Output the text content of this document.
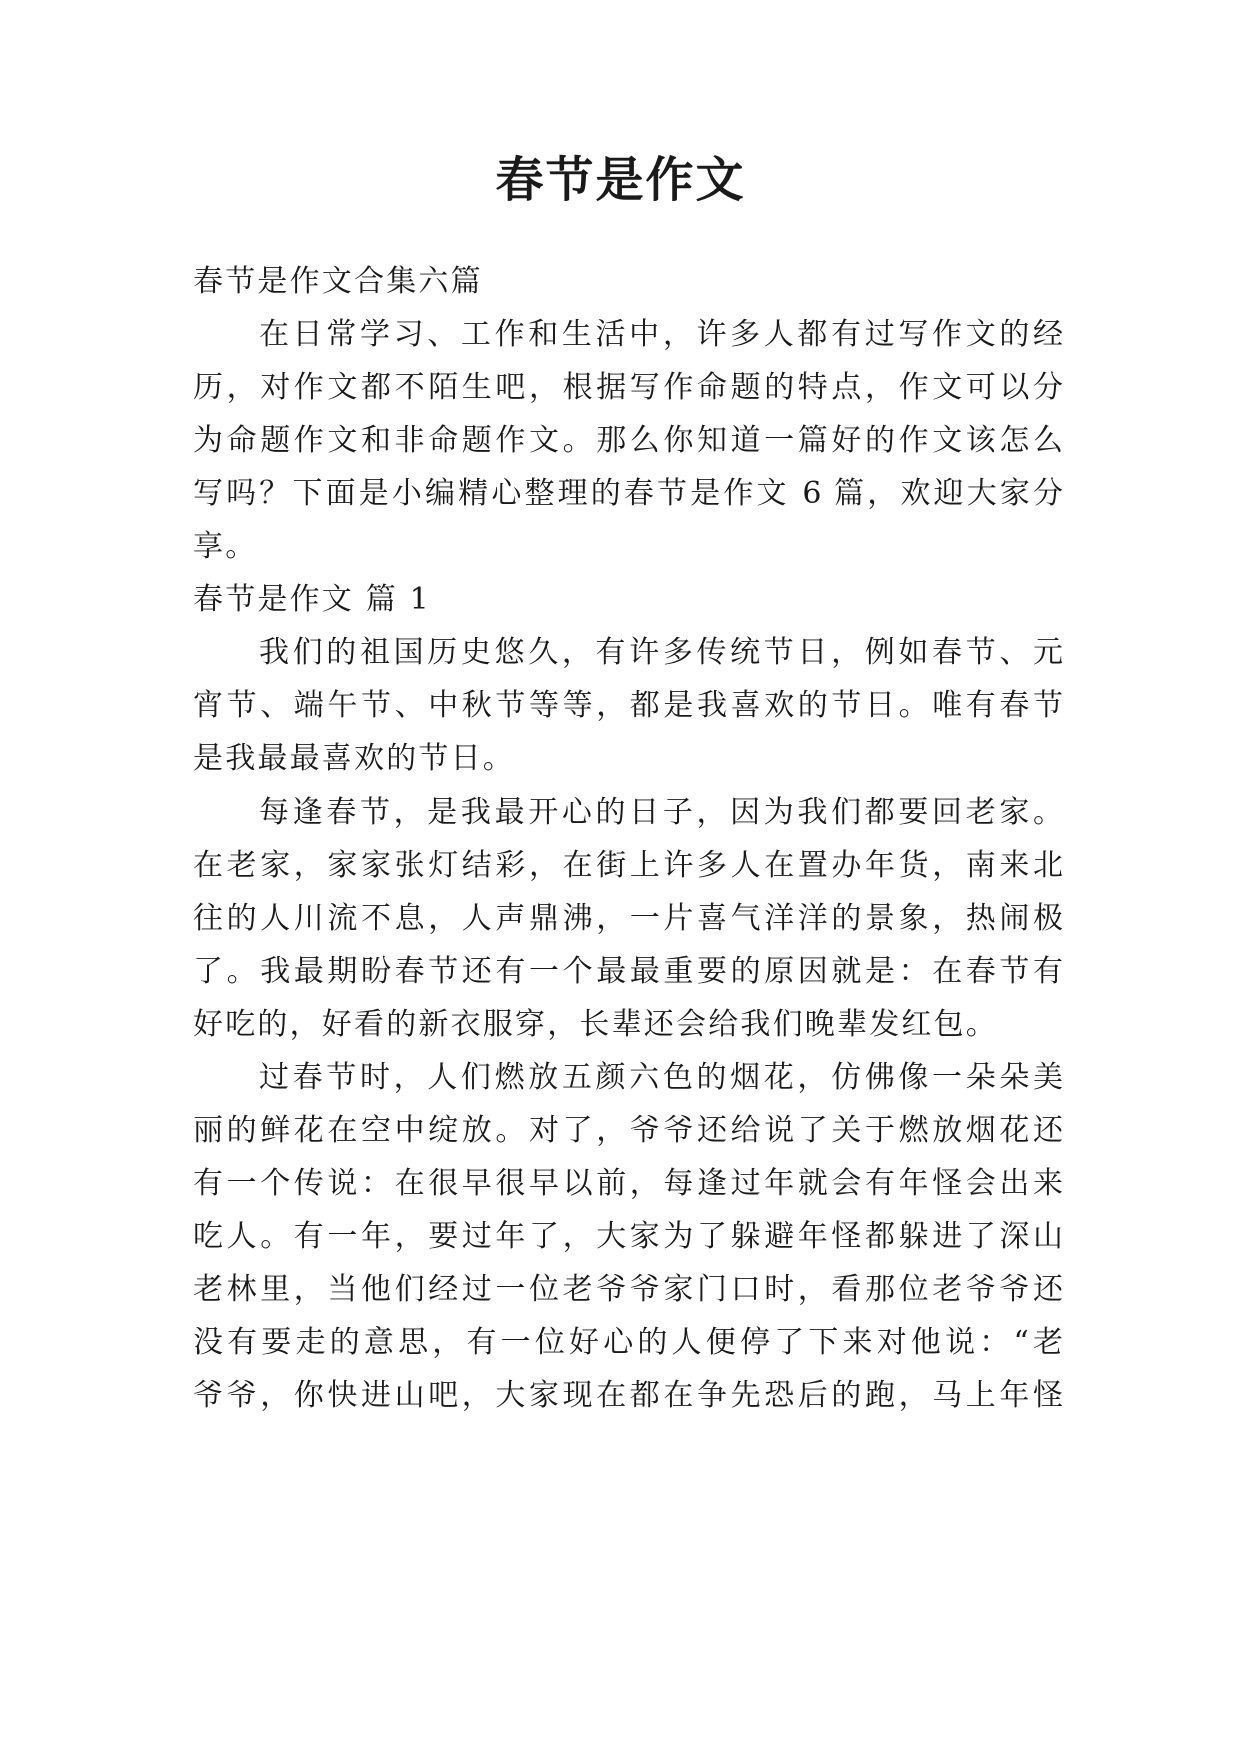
春节是作文
春节是作文合集六篇
在日常学习、工作和生活中，许多人都有过写作文的经
历，对作文都不陌生吧，根据写作命题的特点，作文可以分
为命题作文和非命题作文。那么你知道一篇好的作文该怎么
写吗？下面是小编精心整理的春节是作文 6 篇，欢迎大家分
享。
春节是作文 篇 1
我们的祖国历史悠久，有许多传统节日，例如春节、元
宵节、端午节、中秋节等等，都是我喜欢的节日。唯有春节
是我最最喜欢的节日。
每逢春节，是我最开心的日子，因为我们都要回老家。
在老家，家家张灯结彩，在街上许多人在置办年货，南来北
往的人川流不息，人声鼎沸，一片喜气洋洋的景象，热闹极
了。我最期盼春节还有一个最最重要的原因就是：在春节有
好吃的，好看的新衣服穿，长辈还会给我们晚辈发红包。
过春节时，人们燃放五颜六色的烟花，仿佛像一朵朵美
丽的鲜花在空中绽放。对了，爷爷还给说了关于燃放烟花还
有一个传说：在很早很早以前，每逢过年就会有年怪会出来
吃人。有一年，要过年了，大家为了躲避年怪都躲进了深山
老林里，当他们经过一位老爷爷家门口时，看那位老爷爷还
没有要走的意思，有一位好心的人便停了下来对他说：“老
爷爷，你快进山吧，大家现在都在争先恐后的跑，马上年怪
